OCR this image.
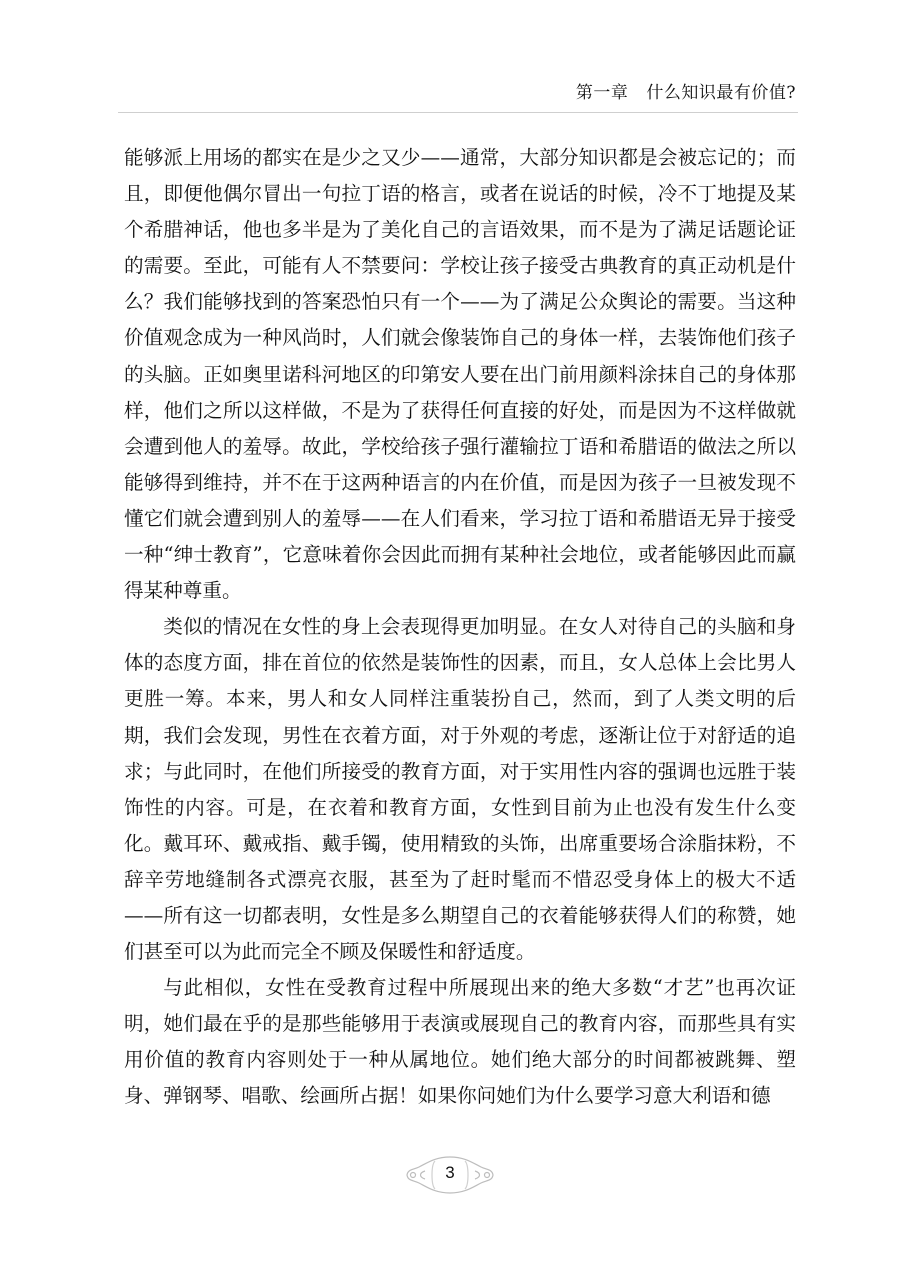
第一章 什么知识最有价值?

能够派上用场的都实在是少之又少——通常，大部分知识都是会被忘记的；而且，即便他偶尔冒出一句拉丁语的格言，或者在说话的时候，冷不丁地提及某个希腊神话，他也多半是为了美化自己的言语效果，而不是为了满足话题论证的需要。至此，可能有人不禁要问：学校让孩子接受古典教育的真正动机是什么？我们能够找到的答案恐怕只有一个——为了满足公众舆论的需要。当这种价值观念成为一种风尚时，人们就会像装饰自己的身体一样，去装饰他们孩子的头脑。正如奥里诺科河地区的印第安人要在出门前用颜料涂抹自己的身体那样，他们之所以这样做，不是为了获得任何直接的好处，而是因为不这样做就会遭到他人的羞辱。故此，学校给孩子强行灌输拉丁语和希腊语的做法之所以能够得到维持，并不在于这两种语言的内在价值，而是因为孩子一旦被发现不懂它们就会遭到别人的羞辱——在人们看来，学习拉丁语和希腊语无异于接受一种“绅士教育”，它意味着你会因此而拥有某种社会地位，或者能够因此而赢得某种尊重。

类似的情况在女性的身上会表现得更加明显。在女人对待自己的头脑和身体的态度方面，排在首位的依然是装饰性的因素，而且，女人总体上会比男人更胜一筹。本来，男人和女人同样注重装扮自己，然而，到了人类文明的后期，我们会发现，男性在衣着方面，对于外观的考虑，逐渐让位于对舒适的追求；与此同时，在他们所接受的教育方面，对于实用性内容的强调也远胜于装饰性的内容。可是，在衣着和教育方面，女性到目前为止也没有发生什么变化。戴耳环、戴戒指、戴手镯，使用精致的头饰，出席重要场合涂脂抹粉，不辞辛劳地缝制各式漂亮衣服，甚至为了赶时髦而不惜忍受身体上的极大不适——所有这一切都表明，女性是多么期望自己的衣着能够获得人们的称赞，她们甚至可以为此而完全不顾及保暖性和舒适度。

与此相似，女性在受教育过程中所展现出来的绝大多数“才艺”也再次证明，她们最在乎的是那些能够用于表演或展现自己的教育内容，而那些具有实用价值的教育内容则处于一种从属地位。她们绝大部分的时间都被跳舞、塑身、弹钢琴、唱歌、绘画所占据！如果你问她们为什么要学习意大利语和德

3
